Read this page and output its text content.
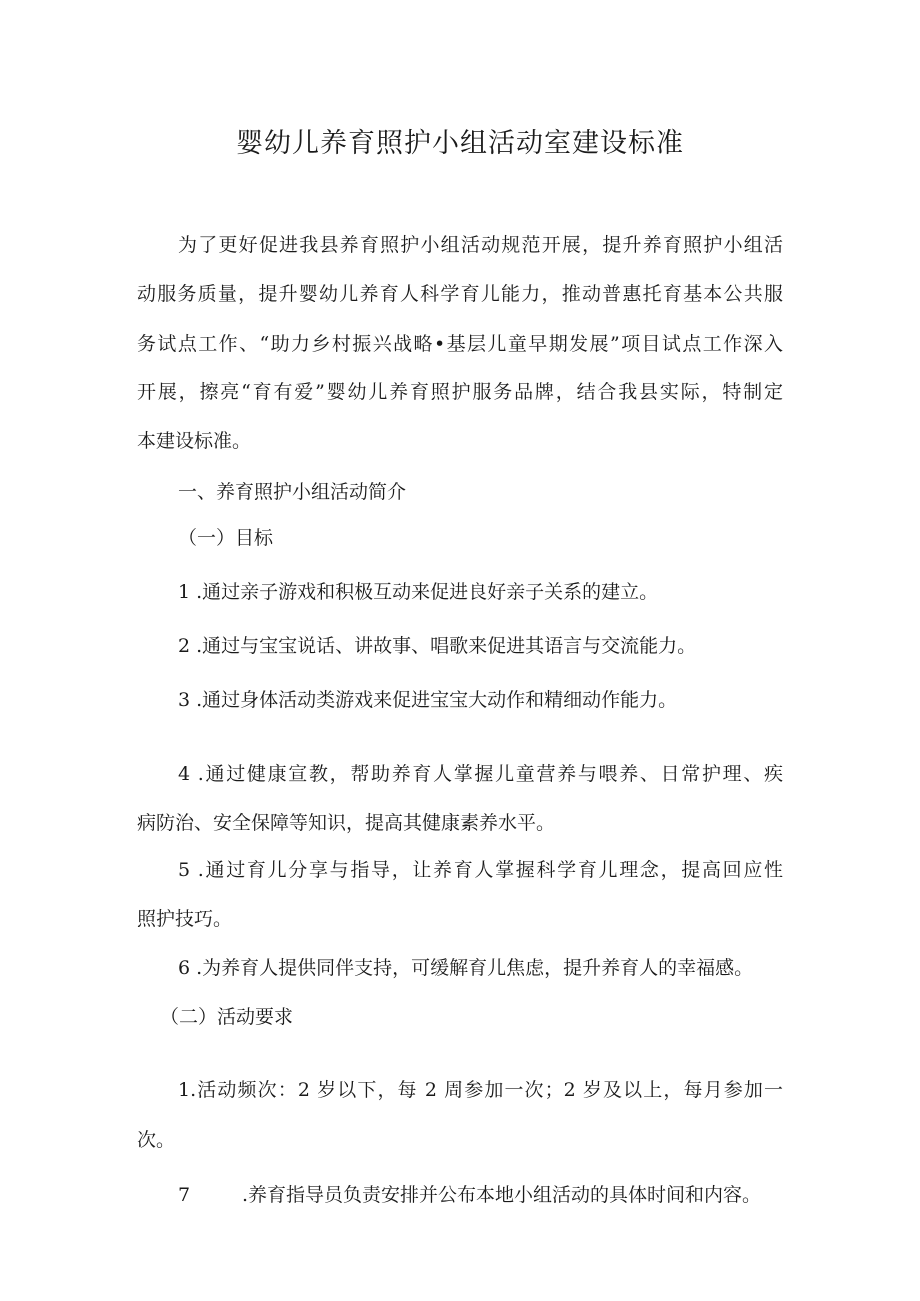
婴幼儿养育照护小组活动室建设标准
为了更好促进我县养育照护小组活动规范开展，提升养育照护小组活
动服务质量，提升婴幼儿养育人科学育儿能力，推动普惠托育基本公共服
务试点工作、“助力乡村振兴战略•基层儿童早期发展”项目试点工作深入
开展，擦亮“育有爱”婴幼儿养育照护服务品牌，结合我县实际，特制定
本建设标准。
一、养育照护小组活动简介
（一）目标
1 .通过亲子游戏和积极互动来促进良好亲子关系的建立。
2 .通过与宝宝说话、讲故事、唱歌来促进其语言与交流能力。
3 .通过身体活动类游戏来促进宝宝大动作和精细动作能力。
4 .通过健康宣教，帮助养育人掌握儿童营养与喂养、日常护理、疾
病防治、安全保障等知识，提高其健康素养水平。
5 .通过育儿分享与指导，让养育人掌握科学育儿理念，提高回应性
照护技巧。
6 .为养育人提供同伴支持，可缓解育儿焦虑，提升养育人的幸福感。
（二）活动要求
1.活动频次：2 岁以下，每 2 周参加一次；2 岁及以上，每月参加一
次。
7	.养育指导员负责安排并公布本地小组活动的具体时间和内容。
